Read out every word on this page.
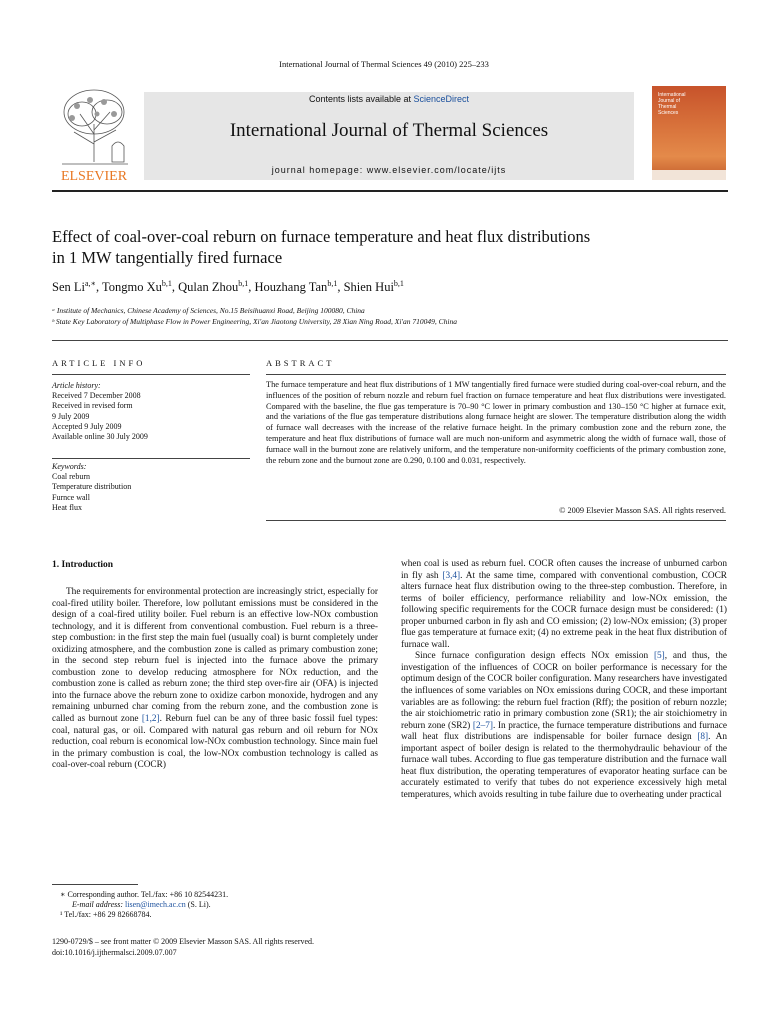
International Journal of Thermal Sciences 49 (2010) 225–233
ELSEVIER
Contents lists available at ScienceDirect
International Journal of Thermal Sciences
journal homepage: www.elsevier.com/locate/ijts
International Journal of Thermal Sciences
Effect of coal-over-coal reburn on furnace temperature and heat flux distributions
in 1 MW tangentially fired furnace
Sen $Li^{a,∗}$, Tongmo Xu$^{b,1}$, Qulan Zhou$^{b,1}$, Houzhang Tan$^{b,1}$, Shien Hui$^{b,1}$
ᵃ Institute of Mechanics, Chinese Academy of Sciences, No.15 Beisihuanxi Road, Beijing 100080, China
ᵇ State Key Laboratory of Multiphase Flow in Power Engineering, Xi'an Jiaotong University, 28 Xian Ning Road, Xi'an 710049, China
ARTICLE INFO	ABSTRACT
Article history:
Received 7 December 2008
Received in revised form
9 July 2009
Accepted 9 July 2009
Available online 30 July 2009
Keywords:
Coal reburn
Temperature distribution
Furnce wall
Heat flux
The furnace temperature and heat flux distributions of 1 MW tangentially fired furnace were studied during coal-over-coal reburn, and the influences of the position of reburn nozzle and reburn fuel fraction on furnace temperature and heat flux distributions were investigated. Compared with the baseline, the flue gas temperature is 70–90 °C lower in primary combustion and 130–150 °C higher at furnace exit, and the variations of the flue gas temperature distributions along furnace height are slower. The temperature distribution along the width of furnace wall decreases with the increase of the relative furnace height. In the primary combustion zone and the reburn zone, the temperature and heat flux distributions of furnace wall are much non-uniform and asymmetric along the width of furnace wall, those of furnace wall in the burnout zone are relatively uniform, and the temperature non-uniformity coefficients of the primary combustion zone, the reburn zone and the burnout zone are 0.290, 0.100 and 0.031, respectively.
© 2009 Elsevier Masson SAS. All rights reserved.
1. Introduction

The requirements for environmental protection are increasingly strict, especially for coal-fired utility boiler. Therefore, low pollutant emissions must be considered in the design of a coal-fired utility boiler. Fuel reburn is an effective low-NOx combustion technology, and it is different from conventional combustion. Fuel reburn is a three-step combustion: in the first step the main fuel (usually coal) is burnt completely under oxidizing atmosphere, and the combustion zone is called as primary combustion zone; in the second step reburn fuel is injected into the furnace above the primary combustion zone to develop reducing atmosphere for NOx reduction, and the combustion zone is called as reburn zone; the third step over-fire air (OFA) is injected into the furnace above the reburn zone to oxidize carbon monoxide, hydrogen and any remaining unburned char coming from the reburn zone, and the combustion zone is called as burnout zone [1,2]. Reburn fuel can be any of three basic fossil fuel types: coal, natural gas, or oil. Compared with natural gas reburn and oil reburn for NOx reduction, coal reburn is economical low-NOx combustion technology. Since main fuel in the primary combustion is coal, the low-NOx combustion technology is called as coal-over-coal reburn (COCR)

when coal is used as reburn fuel. COCR often causes the increase of unburned carbon in fly ash [3,4]. At the same time, compared with conventional combustion, COCR alters furnace heat flux distribution owing to the three-step combustion. Therefore, in terms of boiler efficiency, performance reliability and low-NOx emission, the following specific requirements for the COCR furnace design must be considered: (1) proper unburned carbon in fly ash and CO emission; (2) low-NOx emission; (3) proper flue gas temperature at furnace exit; (4) no extreme peak in the heat flux distribution of furnace wall.

Since furnace configuration design effects NOx emission [5], and thus, the investigation of the influences of COCR on boiler performance is necessary for the optimum design of the COCR boiler configuration. Many researchers have investigated the influences of some variables on NOx emissions during COCR, and these important variables are as following: the reburn fuel fraction (Rff); the position of reburn nozzle; the air stoichiometric ratio in primary combustion zone (SR1); the air stoichiometry in reburn zone (SR2) [2–7]. In practice, the furnace temperature distributions and furnace wall heat flux distributions are indispensable for boiler furnace design [8]. An important aspect of boiler design is related to the thermohydraulic behaviour of the furnace wall tubes. According to flue gas temperature distribution and the furnace wall heat flux distribution, the operating temperatures of evaporator heating surface can be accurately estimated to verify that tubes do not experience excessively high metal temperatures, which avoids resulting in tube failure due to overheating under practical

∗ Corresponding author. Tel./fax: +86 10 82544231.
E-mail address: lisen@imech.ac.cn (S. Li).
¹ Tel./fax: +86 29 82668784.
1290-0729/$ – see front matter © 2009 Elsevier Masson SAS. All rights reserved.
doi:10.1016/j.ijthermalsci.2009.07.007
